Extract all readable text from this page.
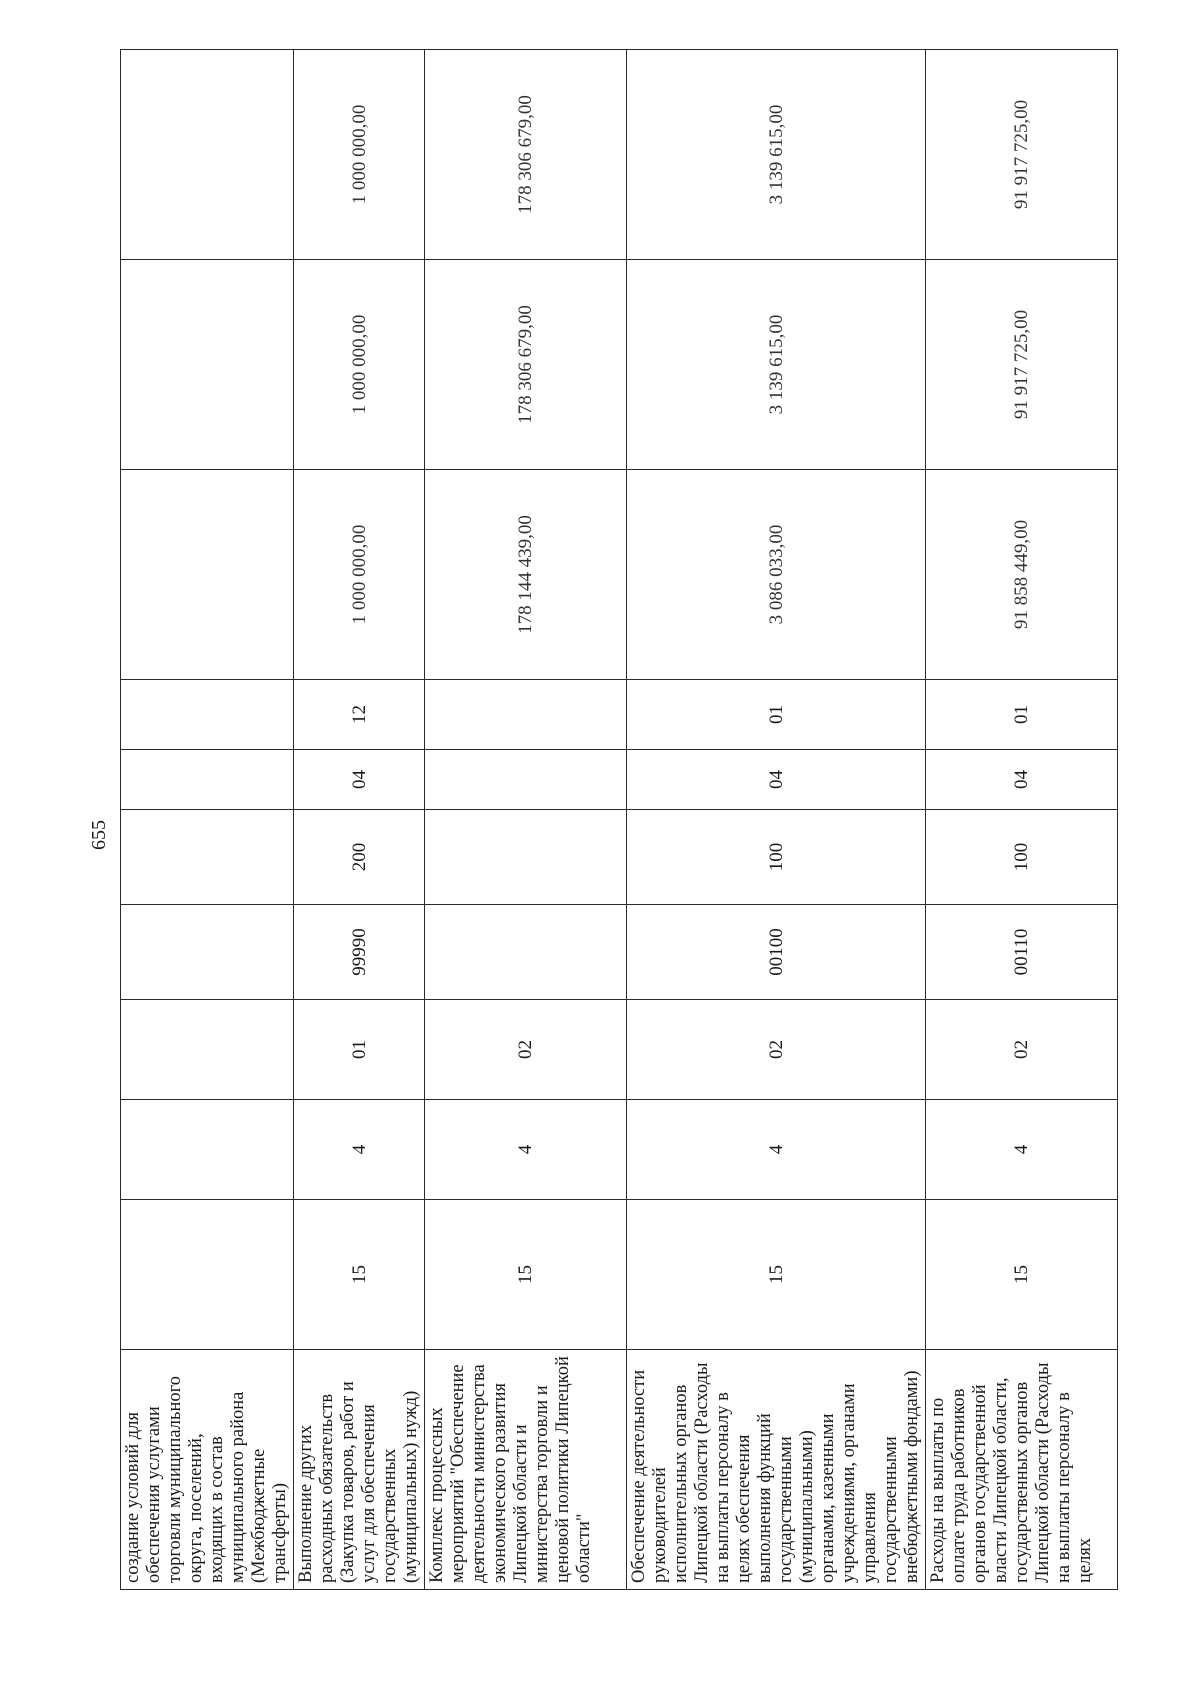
655
создание условий для обеспечения услугами торговли муниципального округа, поселений, входящих в состав муниципального района (Межбюджетные трансферты)										
Выполнение других расходных обязательств (Закупка товаров, работ и услуг для обеспечения государственных (муниципальных) нужд)	15	4	01	99990	200	04	12	1 000 000,00	1 000 000,00	1 000 000,00
Комплекс процессных мероприятий "Обеспечение деятельности министерства экономического развития Липецкой области и министерства торговли и ценовой политики Липецкой области"	15	4	02					178 144 439,00	178 306 679,00	178 306 679,00
Обеспечение деятельности руководителей исполнительных органов Липецкой области (Расходы на выплаты персоналу в целях обеспечения выполнения функций государственными (муниципальными) органами, казенными учреждениями, органами управления государственными внебюджетными фондами)	15	4	02	00100	100	04	01	3 086 033,00	3 139 615,00	3 139 615,00
Расходы на выплаты по оплате труда работников органов государственной власти Липецкой области, государственных органов Липецкой области (Расходы на выплаты персоналу в целях	15	4	02	00110	100	04	01	91 858 449,00	91 917 725,00	91 917 725,00
